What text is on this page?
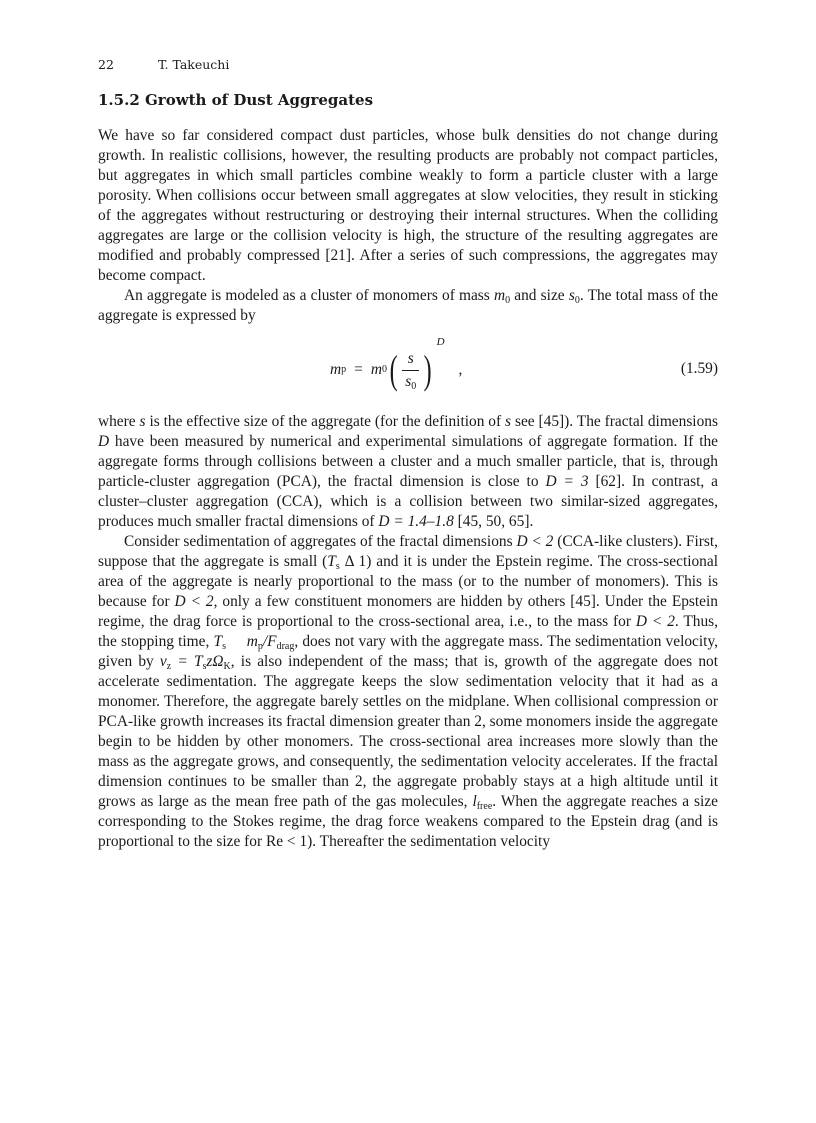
22	T. Takeuchi
1.5.2 Growth of Dust Aggregates

We have so far considered compact dust particles, whose bulk densities do not change during growth. In realistic collisions, however, the resulting products are probably not compact particles, but aggregates in which small particles combine weakly to form a particle cluster with a large porosity. When collisions occur between small aggregates at slow velocities, they result in sticking of the aggregates without restructuring or destroying their internal structures. When the colliding aggregates are large or the collision velocity is high, the structure of the resulting aggregates are modified and probably compressed [21]. After a series of such compressions, the aggregates may become compact.

An aggregate is modeled as a cluster of monomers of mass $m_0$ and size $s_0$. The total mass of the aggregate is expressed by

m p = m 0 ( $\frac{s}{s_0}$ )
D
,	(1.59)

where s is the effective size of the aggregate (for the definition of s see [45]). The fractal dimensions D have been measured by numerical and experimental simulations of aggregate formation. If the aggregate forms through collisions between a cluster and a much smaller particle, that is, through particle-cluster aggregation (PCA), the fractal dimension is close to D = 3 [62]. In contrast, a cluster–cluster aggregation (CCA), which is a collision between two similar-sized aggregates, produces much smaller fractal dimensions of D = 1.4–1.8 [45, 50, 65].

Consider sedimentation of aggregates of the fractal dimensions D < 2 (CCA-like clusters). First, suppose that the aggregate is small ($T_s$ Δ 1) and it is under the Epstein regime. The cross-sectional area of the aggregate is nearly proportional to the mass (or to the number of monomers). This is because for D < 2, only a few constituent monomers are hidden by others [45]. Under the Epstein regime, the drag force is proportional to the cross-sectional area, i.e., to the mass for D < 2. Thus, the stopping time, $T_s$ $m_p/F_{drag}$, does not vary with the aggregate mass. The sedimentation velocity, given by $v_z = T_sz\Omega_K$, is also independent of the mass; that is, growth of the aggregate does not accelerate sedimentation. The aggregate keeps the slow sedimentation velocity that it had as a monomer. Therefore, the aggregate barely settles on the midplane. When collisional compression or PCA-like growth increases its fractal dimension greater than 2, some monomers inside the aggregate begin to be hidden by other monomers. The cross-sectional area increases more slowly than the mass as the aggregate grows, and consequently, the sedimentation velocity accelerates. If the fractal dimension continues to be smaller than 2, the aggregate probably stays at a high altitude until it grows as large as the mean free path of the gas molecules, $l_{free}$. When the aggregate reaches a size corresponding to the Stokes regime, the drag force weakens compared to the Epstein drag (and is proportional to the size for Re < 1). Thereafter the sedimentation velocity
